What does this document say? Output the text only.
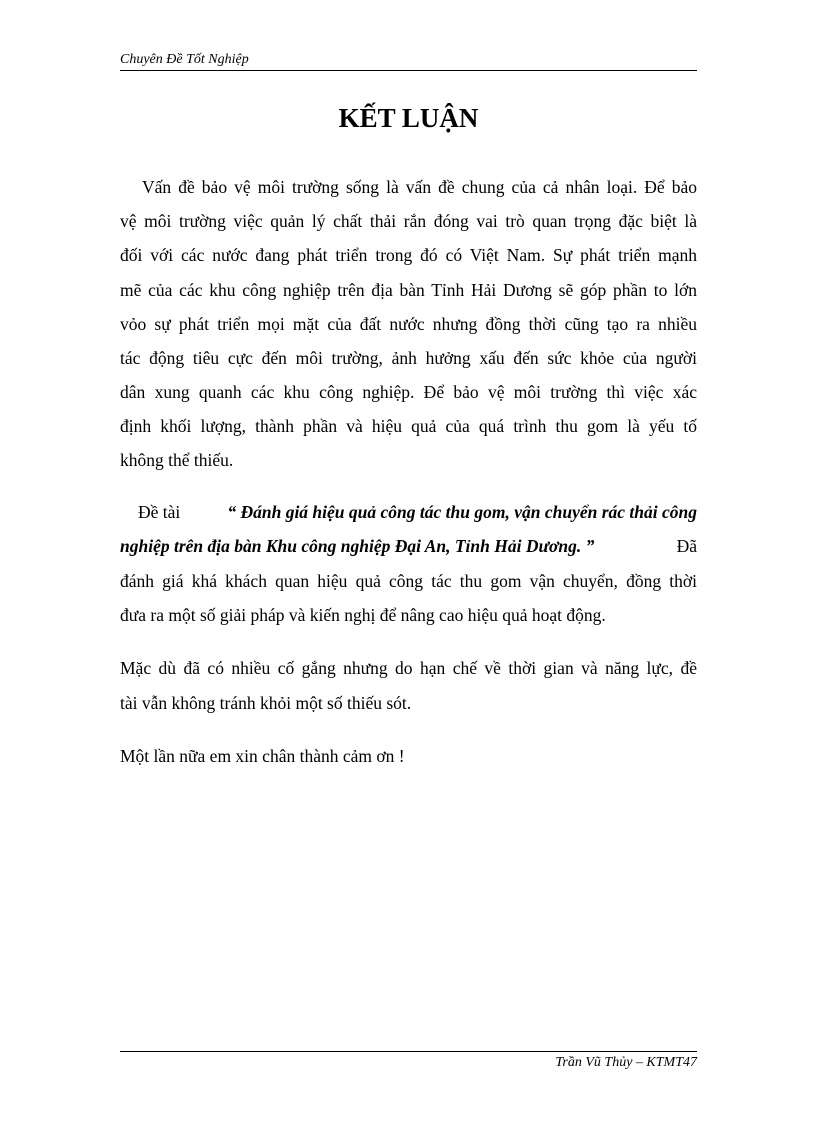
Chuyên Đề Tốt Nghiệp
KẾT LUẬN
Vấn đề bảo vệ môi trường sống là vấn đề chung của cả nhân loại. Để bảo
vệ môi trường việc quản lý chất thải rắn đóng vai trò quan trọng đặc biệt là
đối với các nước đang phát triển trong đó có Việt Nam. Sự phát triển mạnh
mẽ của các khu công nghiệp trên địa bàn Tỉnh Hải Dương sẽ góp phần to lớn
vỏo sự phát triển mọi mặt của đất nước nhưng đồng thời cũng tạo ra nhiều
tác động tiêu cực đến môi trường, ảnh hưởng xấu đến sức khỏe của người
dân xung quanh các khu công nghiệp. Để bảo vệ môi trường thì việc xác
định khối lượng, thành phần và hiệu quả của quá trình thu gom là yếu tố
không thể thiếu.
Đề tài	“ Đánh giá hiệu quả công tác thu gom, vận chuyển rác thải công
nghiệp trên địa bàn Khu công nghiệp Đại An, Tỉnh Hải Dương. ”	Đã
đánh giá khá khách quan hiệu quả công tác thu gom vận chuyển, đồng thời
đưa ra một số giải pháp và kiến nghị để nâng cao hiệu quả hoạt động.
Mặc dù đã có nhiều cố gắng nhưng do hạn chế về thời gian và năng lực, đề
tài vẫn không tránh khỏi một số thiếu sót.
Một lần nữa em xin chân thành cảm ơn !
Trần Vũ Thủy – KTMT47
